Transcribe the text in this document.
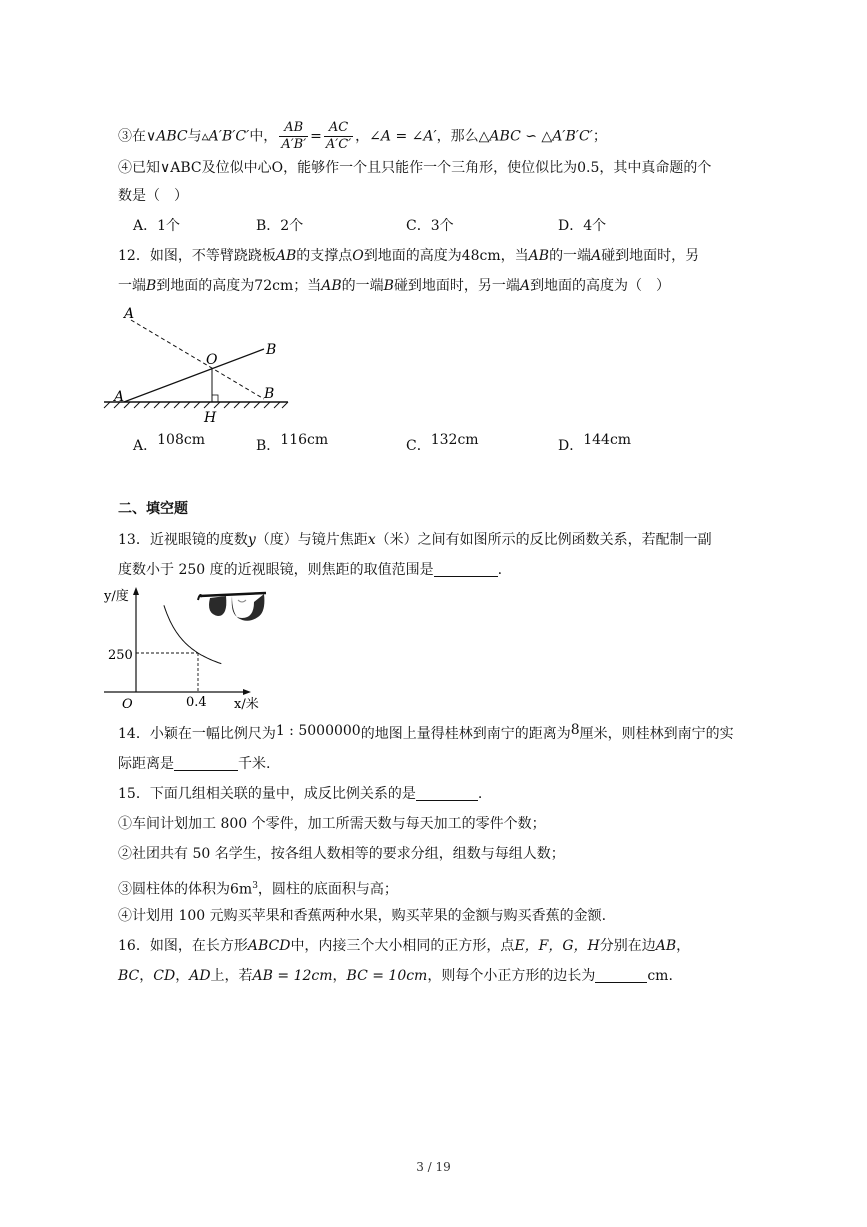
③在∨ABC与▵A′B′C′中， $\frac{AB}{A'B'} = \frac{AC}{A'C'}$ ，∠A = ∠A′，那么△ABC ∽ △A′B′C′；
④已知∨ABC及位似中心O，能够作一个且只能作一个三角形，使位似比为0.5，其中真命题的个
数是（　）
A．1个	B．2个	C．3个	D．4个
12．如图，不等臂跷跷板AB的支撑点O到地面的高度为48cm，当AB的一端A碰到地面时，另
一端B到地面的高度为72cm；当AB的一端B碰到地面时，另一端A到地面的高度为（　）
A
O
B
A	B
H
A．108cm	B．116cm	C．132cm	D．144cm
二、填空题
13．近视眼镜的度数y（度）与镜片焦距x（米）之间有如图所示的反比例函数关系，若配制一副
度数小于 250 度的近视眼镜，则焦距的取值范围是	.
y/度
x/米
O
250
0.4
14．小颖在一幅比例尺为1 : 5000000的地图上量得桂林到南宁的距离为8厘米，则桂林到南宁的实
际距离是	千米.
15．下面几组相关联的量中，成反比例关系的是	.
①车间计划加工 800 个零件，加工所需天数与每天加工的零件个数；
②社团共有 50 名学生，按各组人数相等的要求分组，组数与每组人数；
③圆柱体的体积为$6m^3$，圆柱的底面积与高；
④计划用 100 元购买苹果和香蕉两种水果，购买苹果的金额与购买香蕉的金额.
16．如图，在长方形ABCD中，内接三个大小相同的正方形，点E，F，G，H分别在边AB，
BC，CD，AD上，若AB = 12cm，BC = 10cm，则每个小正方形的边长为	cm.
3 / 19
